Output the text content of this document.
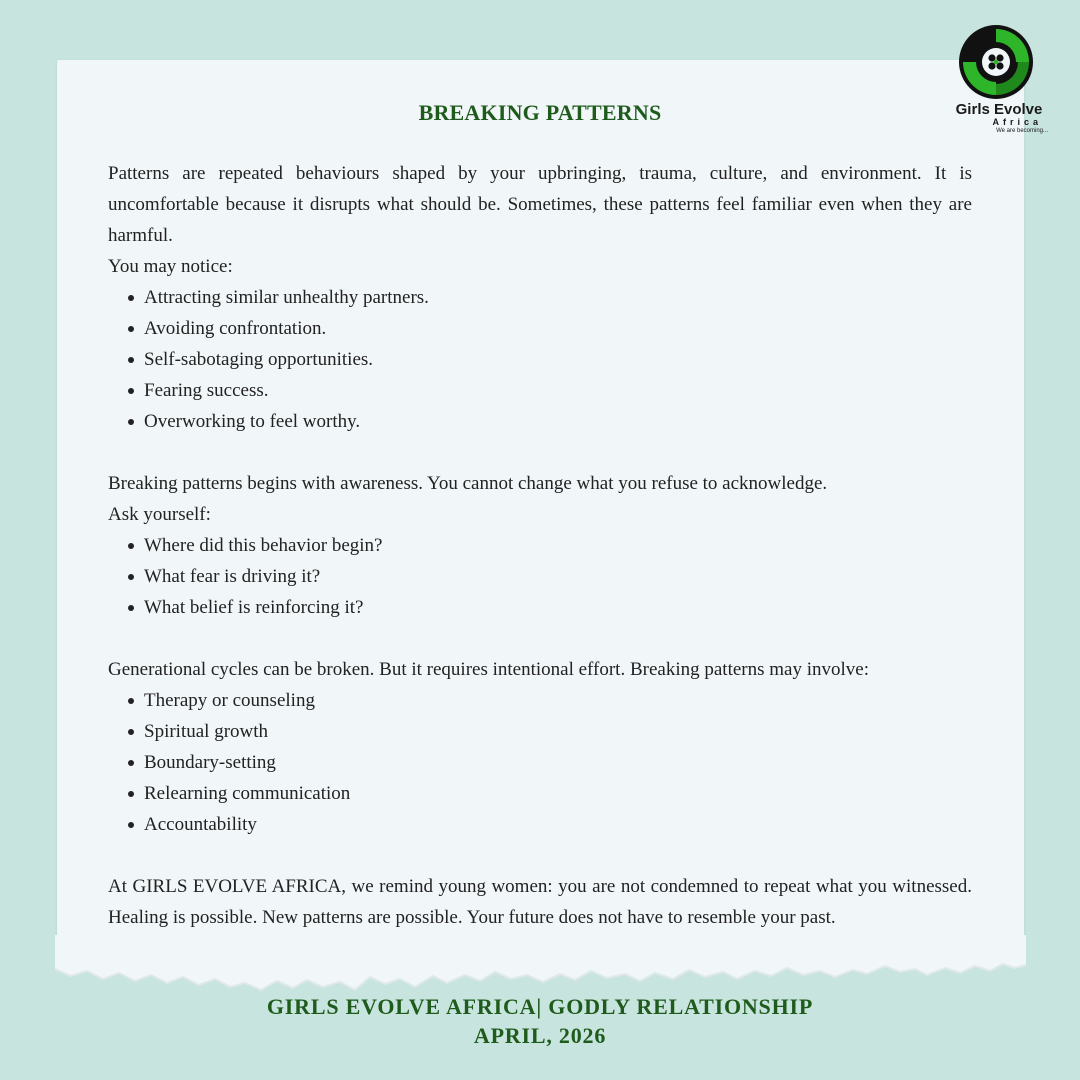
Girls Evolve
Africa
We are becoming...
BREAKING PATTERNS

Patterns are repeated behaviours shaped by your upbringing, trauma, culture, and environment. It is uncomfortable because it disrupts what should be. Sometimes, these patterns feel familiar even when they are harmful.

You may notice:

Attracting similar unhealthy partners.
Avoiding confrontation.
Self-sabotaging opportunities.
Fearing success.
Overworking to feel worthy.

Breaking patterns begins with awareness. You cannot change what you refuse to acknowledge.

Ask yourself:

Where did this behavior begin?
What fear is driving it?
What belief is reinforcing it?

Generational cycles can be broken. But it requires intentional effort. Breaking patterns may involve:

Therapy or counseling
Spiritual growth
Boundary-setting
Relearning communication
Accountability

At GIRLS EVOLVE AFRICA, we remind young women: you are not condemned to repeat what you witnessed. Healing is possible. New patterns are possible. Your future does not have to resemble your past.

GIRLS EVOLVE AFRICA| GODLY RELATIONSHIP
APRIL, 2026
